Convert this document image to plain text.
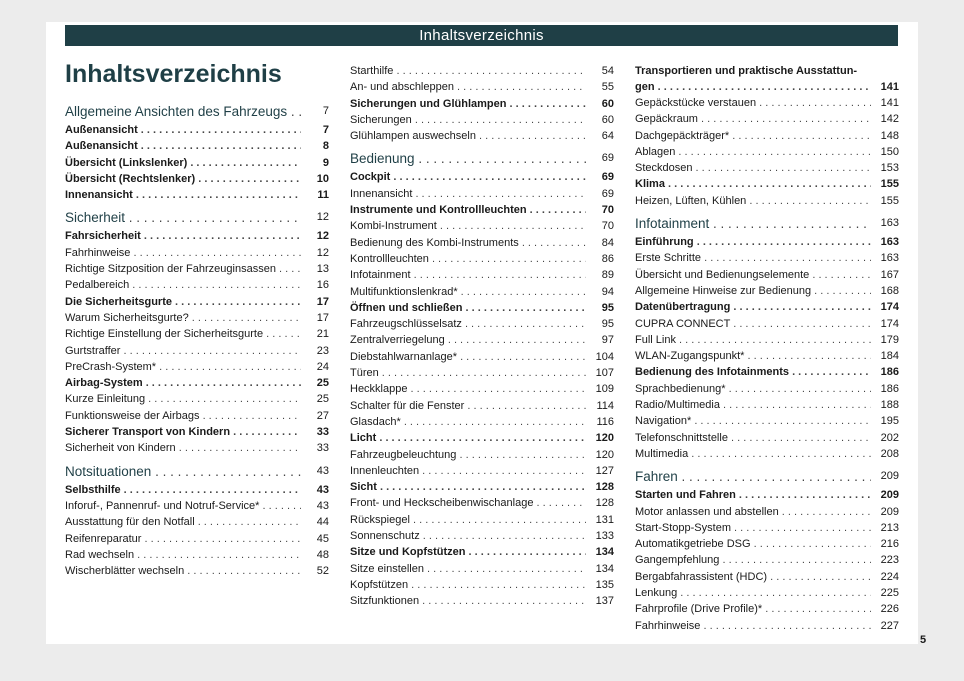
Inhaltsverzeichnis
Inhaltsverzeichnis
Allgemeine Ansichten des Fahrzeugs . . .	7
Außenansicht . . .	7
Außenansicht . . .	8
Übersicht (Linkslenker) . . .	9
Übersicht (Rechtslenker) . . .	10
Innenansicht . . .	11
Sicherheit . . .	12
Fahrsicherheit . . .	12
Fahrhinweise . . .	12
Richtige Sitzposition der Fahrzeuginsassen . . .	13
Pedalbereich . . .	16
Die Sicherheitsgurte . . .	17
Warum Sicherheitsgurte? . . .	17
Richtige Einstellung der Sicherheitsgurte . . .	21
Gurtstraffer . . .	23
PreCrash-System* . . .	24
Airbag-System . . .	25
Kurze Einleitung . . .	25
Funktionsweise der Airbags . . .	27
Sicherer Transport von Kindern . . .	33
Sicherheit von Kindern . . .	33
Notsituationen . . .	43
Selbsthilfe . . .	43
Inforuf-, Pannenruf- und Notruf-Service* . . .	43
Ausstattung für den Notfall . . .	44
Reifenreparatur . . .	45
Rad wechseln . . .	48
Wischerblätter wechseln . . .	52
Starthilfe . . .	54
An- und abschleppen . . .	55
Sicherungen und Glühlampen . . .	60
Sicherungen . . .	60
Glühlampen auswechseln . . .	64
Bedienung . . .	69
Cockpit . . .	69
Innenansicht . . .	69
Instrumente und Kontrollleuchten . . .	70
Kombi-Instrument . . .	70
Bedienung des Kombi-Instruments . . .	84
Kontrollleuchten . . .	86
Infotainment . . .	89
Multifunktionslenkrad* . . .	94
Öffnen und schließen . . .	95
Fahrzeugschlüsselsatz . . .	95
Zentralverriegelung . . .	97
Diebstahlwarnanlage* . . .	104
Türen . . .	107
Heckklappe . . .	109
Schalter für die Fenster . . .	114
Glasdach* . . .	116
Licht . . .	120
Fahrzeugbeleuchtung . . .	120
Innenleuchten . . .	127
Sicht . . .	128
Front- und Heckscheibenwischanlage . . .	128
Rückspiegel . . .	131
Sonnenschutz . . .	133
Sitze und Kopfstützen . . .	134
Sitze einstellen . . .	134
Kopfstützen . . .	135
Sitzfunktionen . . .	137
Transportieren und praktische Ausstattun-
gen . . .	141
Gepäckstücke verstauen . . .	141
Gepäckraum . . .	142
Dachgepäckträger* . . .	148
Ablagen . . .	150
Steckdosen . . .	153
Klima . . .	155
Heizen, Lüften, Kühlen . . .	155
Infotainment . . .	163
Einführung . . .	163
Erste Schritte . . .	163
Übersicht und Bedienungselemente . . .	167
Allgemeine Hinweise zur Bedienung . . .	168
Datenübertragung . . .	174
CUPRA CONNECT . . .	174
Full Link . . .	179
WLAN-Zugangspunkt* . . .	184
Bedienung des Infotainments . . .	186
Sprachbedienung* . . .	186
Radio/Multimedia . . .	188
Navigation* . . .	195
Telefonschnittstelle . . .	202
Multimedia . . .	208
Fahren . . .	209
Starten und Fahren . . .	209
Motor anlassen und abstellen . . .	209
Start-Stopp-System . . .	213
Automatikgetriebe DSG . . .	216
Gangempfehlung . . .	223
Bergabfahrassistent (HDC) . . .	224
Lenkung . . .	225
Fahrprofile (Drive Profile)* . . .	226
Fahrhinweise . . .	227
5
